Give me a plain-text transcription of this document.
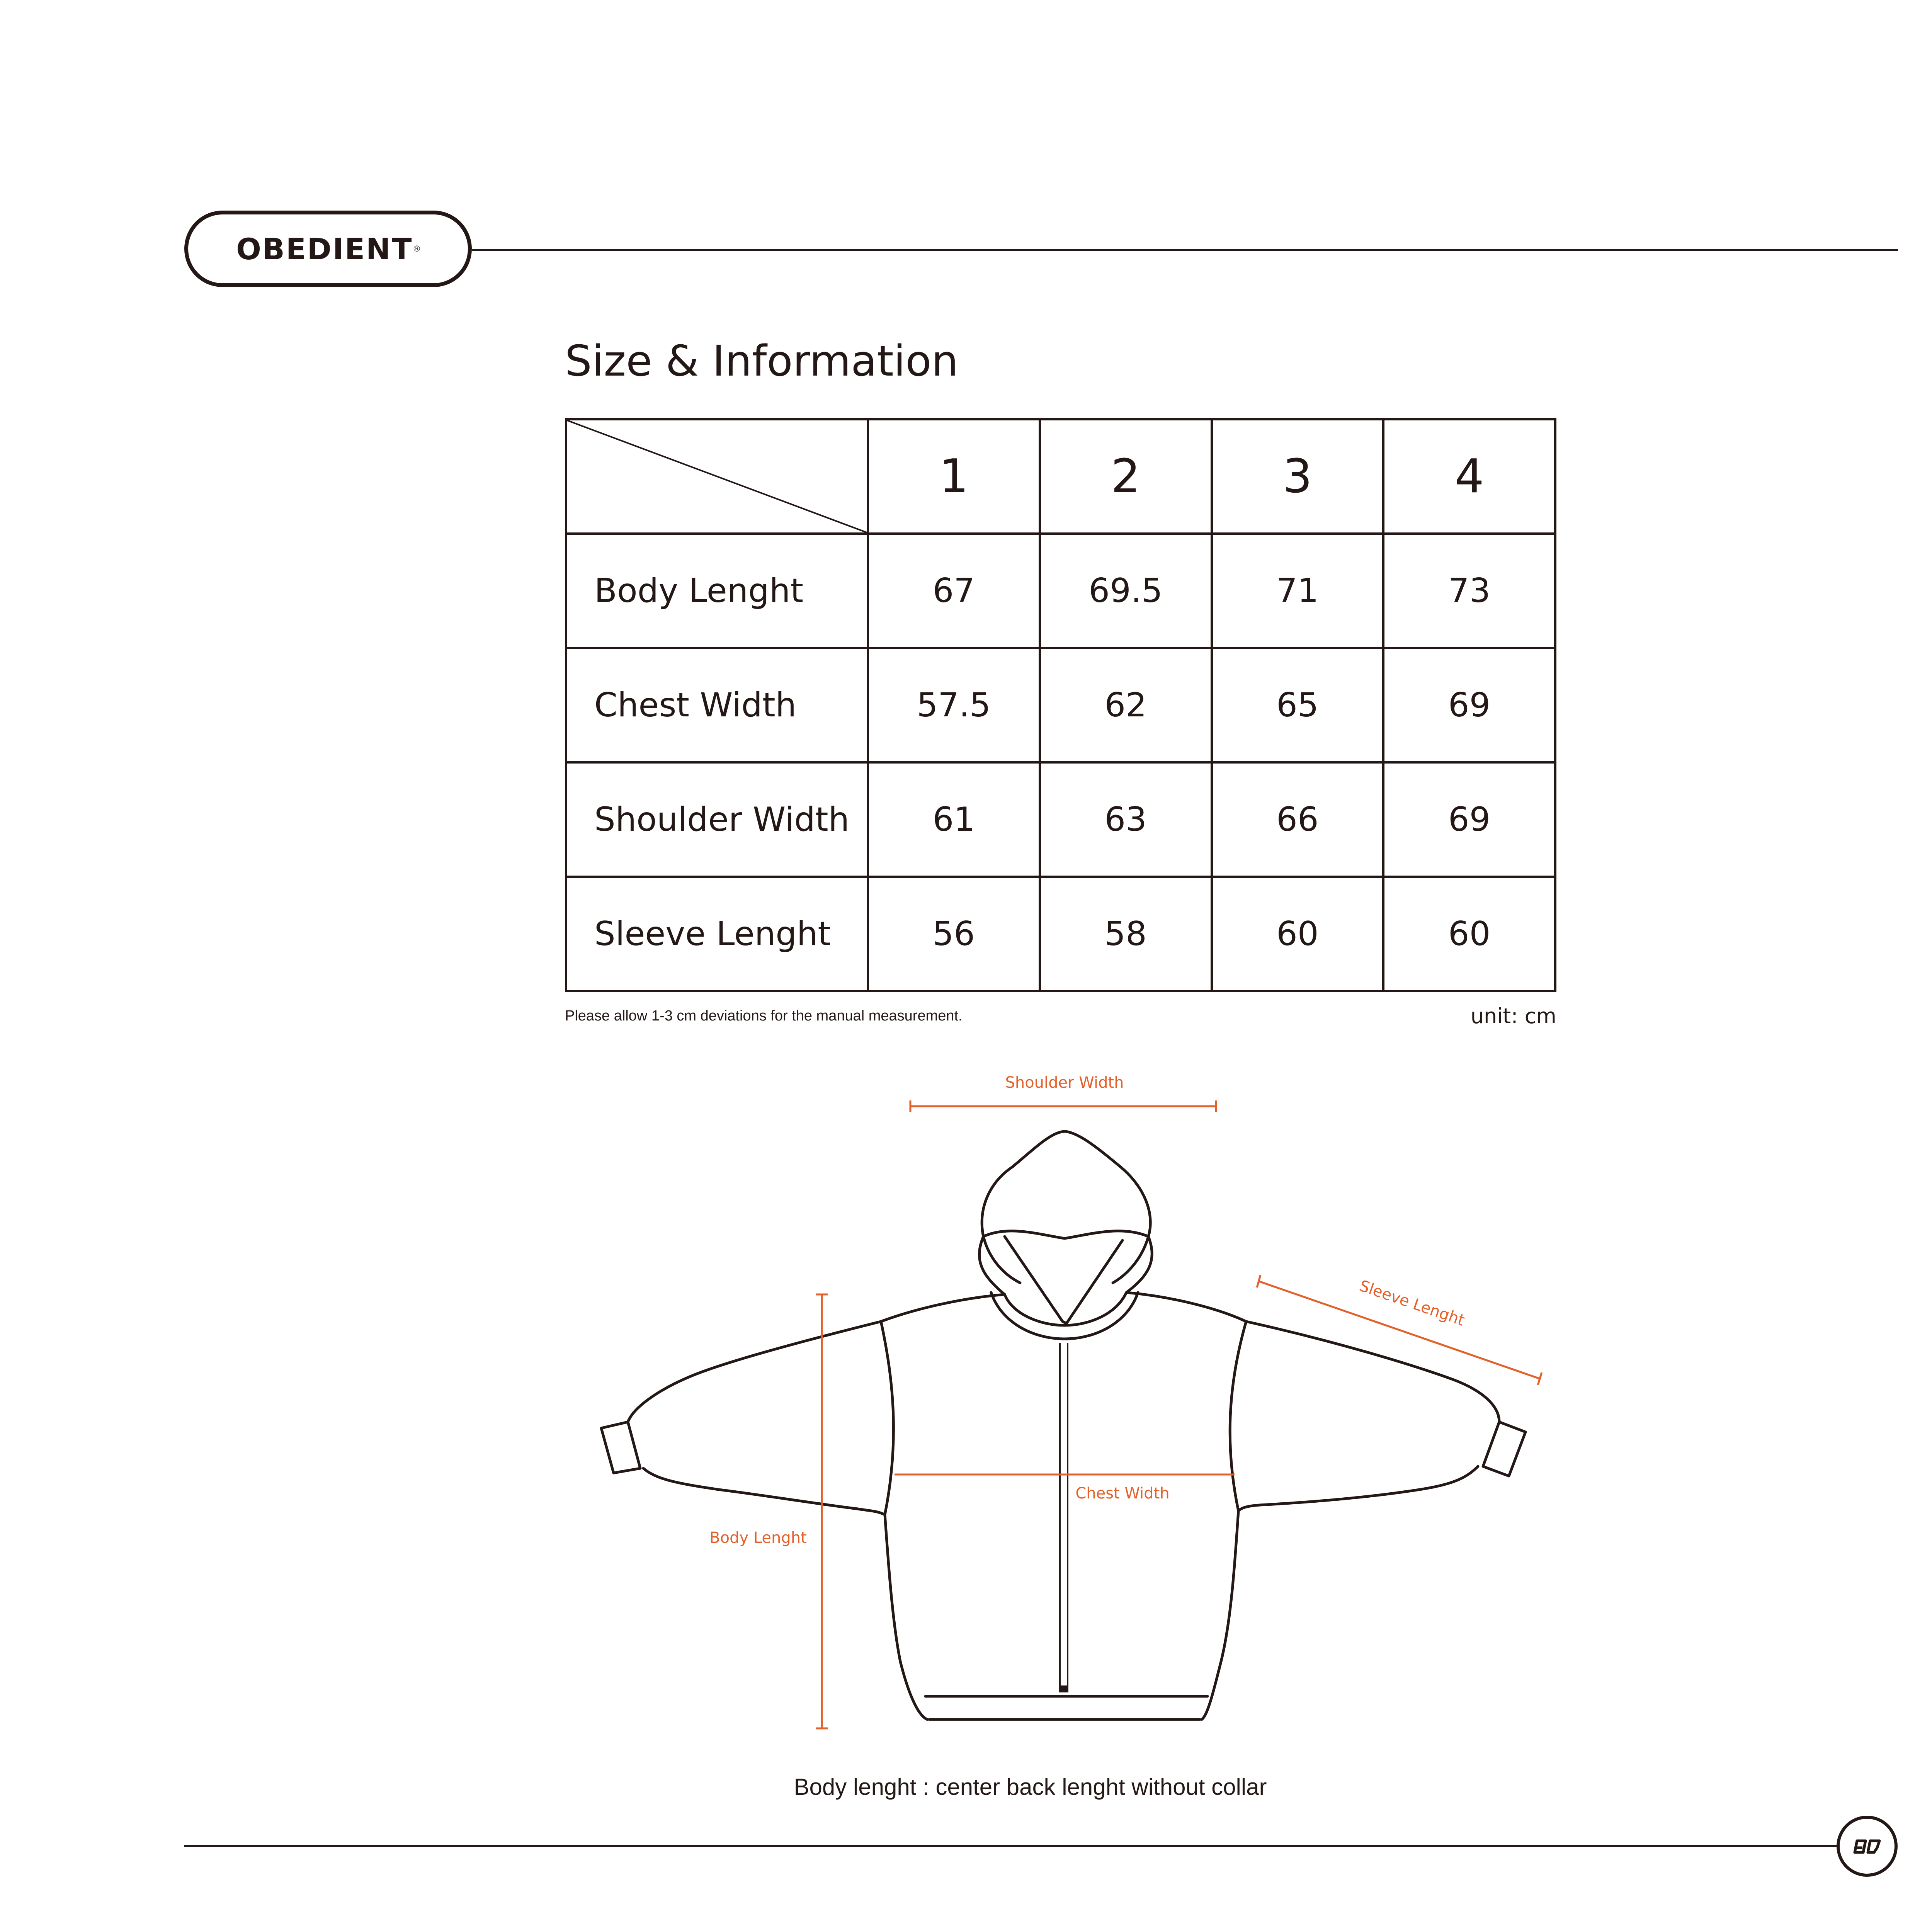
OBEDIENT ®
Size & Information
	1	2	3	4
Body Lenght	67	69.5	71	73
Chest Width	57.5	62	65	69
Shoulder Width	61	63	66	69
Sleeve Lenght	56	58	60	60
Please allow 1-3 cm deviations for the manual measurement.	unit: cm
Shoulder Width
Sleeve Lenght
Chest Width
Body Lenght
Body lenght : center back lenght without collar
